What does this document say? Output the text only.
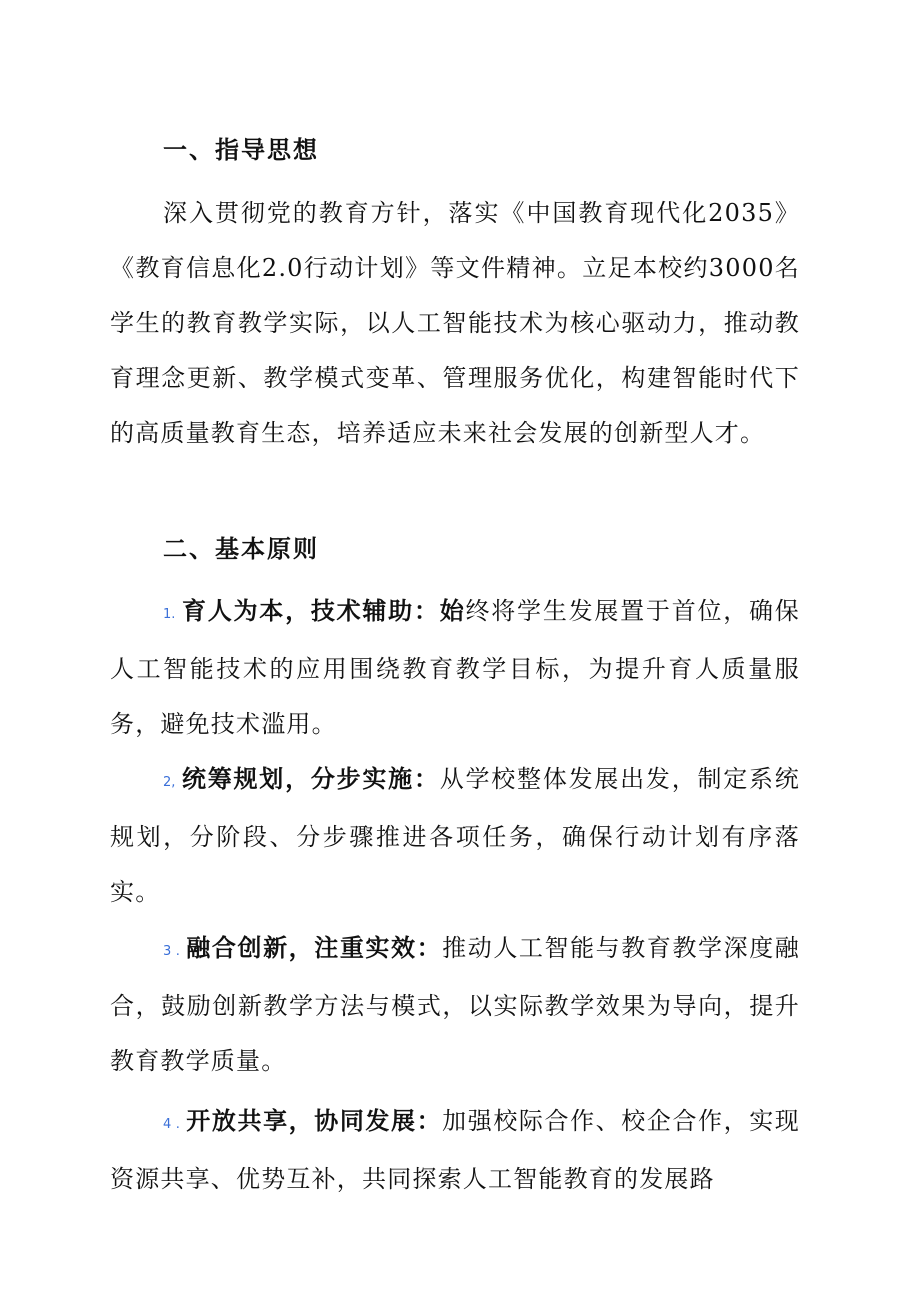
一、指导思想

深入贯彻党的教育方针，落实《中国教育现代化2035》《教育信息化2.0行动计划》等文件精神。立足本校约3000名学生的教育教学实际，以人工智能技术为核心驱动力，推动教育理念更新、教学模式变革、管理服务优化，构建智能时代下的高质量教育生态，培养适应未来社会发展的创新型人才。

二、基本原则

1. 育人为本，技术辅助：始终将学生发展置于首位，确保人工智能技术的应用围绕教育教学目标，为提升育人质量服务，避免技术滥用。

2, 统筹规划，分步实施：从学校整体发展出发，制定系统规划，分阶段、分步骤推进各项任务，确保行动计划有序落实。

3 . 融合创新，注重实效：推动人工智能与教育教学深度融合，鼓励创新教学方法与模式，以实际教学效果为导向，提升教育教学质量。

4 . 开放共享，协同发展：加强校际合作、校企合作，实现资源共享、优势互补，共同探索人工智能教育的发展路
